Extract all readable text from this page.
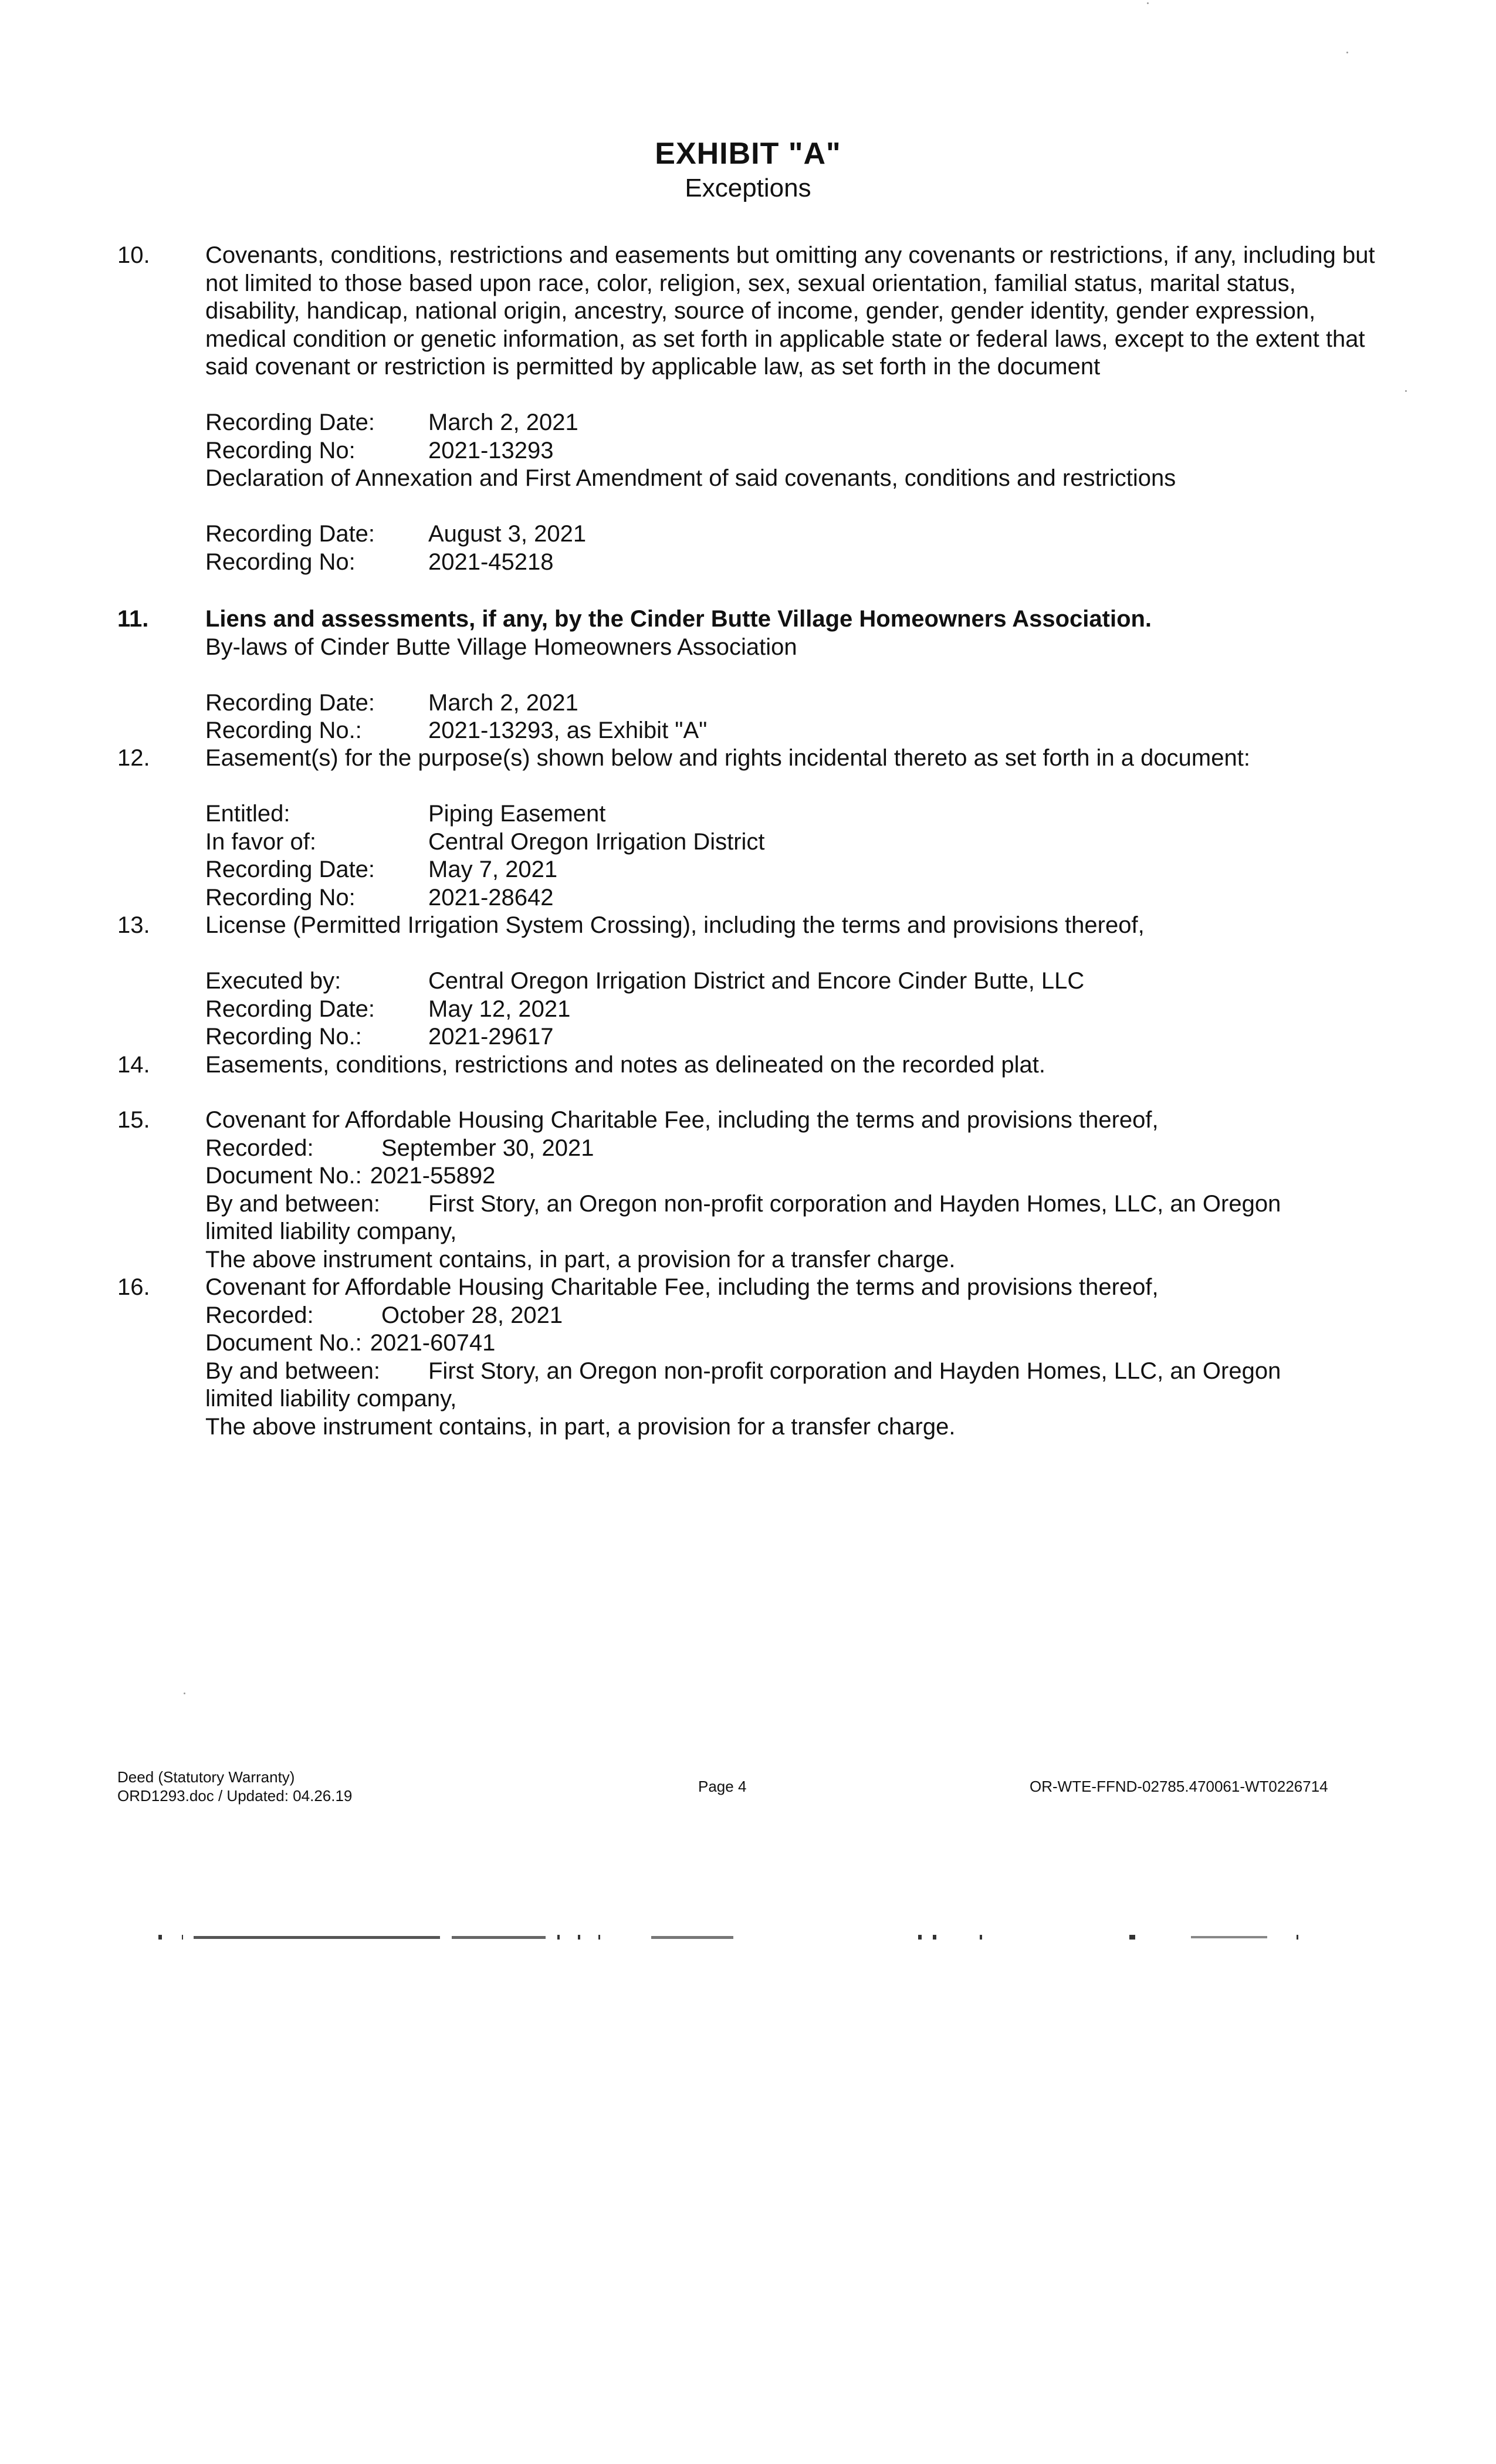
EXHIBIT "A"
Exceptions
10.	Covenants, conditions, restrictions and easements but omitting any covenants or restrictions, if any, including but not limited to those based upon race, color, religion, sex, sexual orientation, familial status, marital status, disability, handicap, national origin, ancestry, source of income, gender, gender identity, gender expression, medical condition or genetic information, as set forth in applicable state or federal laws, except to the extent that said covenant or restriction is permitted by applicable law, as set forth in the document

Recording Date:	March 2, 2021
Recording No:	2021-13293

Declaration of Annexation and First Amendment of said covenants, conditions and restrictions

Recording Date:	August 3, 2021
Recording No:	2021-45218
11.	Liens and assessments, if any, by the Cinder Butte Village Homeowners Association.

By-laws of Cinder Butte Village Homeowners Association

Recording Date:	March 2, 2021
Recording No.:	2021-13293, as Exhibit "A"
12.	Easement(s) for the purpose(s) shown below and rights incidental thereto as set forth in a document:

Entitled:	Piping Easement
In favor of:	Central Oregon Irrigation District
Recording Date:	May 7, 2021
Recording No:	2021-28642
13.	License (Permitted Irrigation System Crossing), including the terms and provisions thereof,

Executed by:	Central Oregon Irrigation District and Encore Cinder Butte, LLC
Recording Date:	May 12, 2021
Recording No.:	2021-29617
14.	Easements, conditions, restrictions and notes as delineated on the recorded plat.

15.	Covenant for Affordable Housing Charitable Fee, including the terms and provisions thereof,

Recorded:	September 30, 2021
Document No.: 2021-55892
By and between:	First Story, an Oregon non-profit corporation and Hayden Homes, LLC, an Oregon

limited liability company,

The above instrument contains, in part, a provision for a transfer charge.

16.	Covenant for Affordable Housing Charitable Fee, including the terms and provisions thereof,

Recorded:	October 28, 2021
Document No.: 2021-60741
By and between:	First Story, an Oregon non-profit corporation and Hayden Homes, LLC, an Oregon

limited liability company,

The above instrument contains, in part, a provision for a transfer charge.

Deed (Statutory Warranty)
ORD1293.doc / Updated: 04.26.19
Page 4	OR-WTE-FFND-02785.470061-WT0226714
